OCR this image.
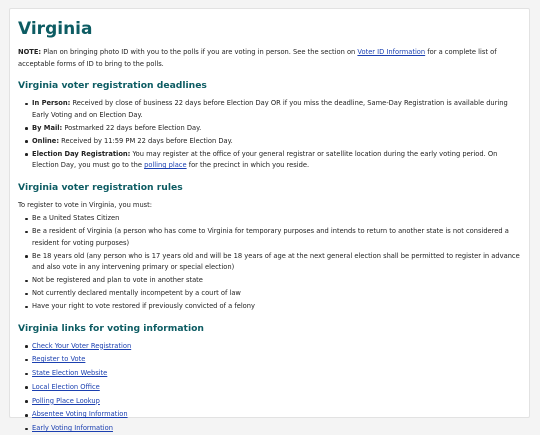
Virginia

NOTE: Plan on bringing photo ID with you to the polls if you are voting in person. See the section on Voter ID Information for a complete list of acceptable forms of ID to bring to the polls.

Virginia voter registration deadlines
In Person: Received by close of business 22 days before Election Day OR if you miss the deadline, Same-Day Registration is available during Early Voting and on Election Day.
By Mail: Postmarked 22 days before Election Day.
Online: Received by 11:59 PM 22 days before Election Day.
Election Day Registration: You may register at the office of your general registrar or satellite location during the early voting period. On Election Day, you must go to the polling place for the precinct in which you reside.
Virginia voter registration rules

To register to vote in Virginia, you must:

Be a United States Citizen
Be a resident of Virginia (a person who has come to Virginia for temporary purposes and intends to return to another state is not considered a resident for voting purposes)
Be 18 years old (any person who is 17 years old and will be 18 years of age at the next general election shall be permitted to register in advance and also vote in any intervening primary or special election)
Not be registered and plan to vote in another state
Not currently declared mentally incompetent by a court of law
Have your right to vote restored if previously convicted of a felony
Virginia links for voting information
Check Your Voter Registration
Register to Vote
State Election Website
Local Election Office
Polling Place Lookup
Absentee Voting Information
Early Voting Information
